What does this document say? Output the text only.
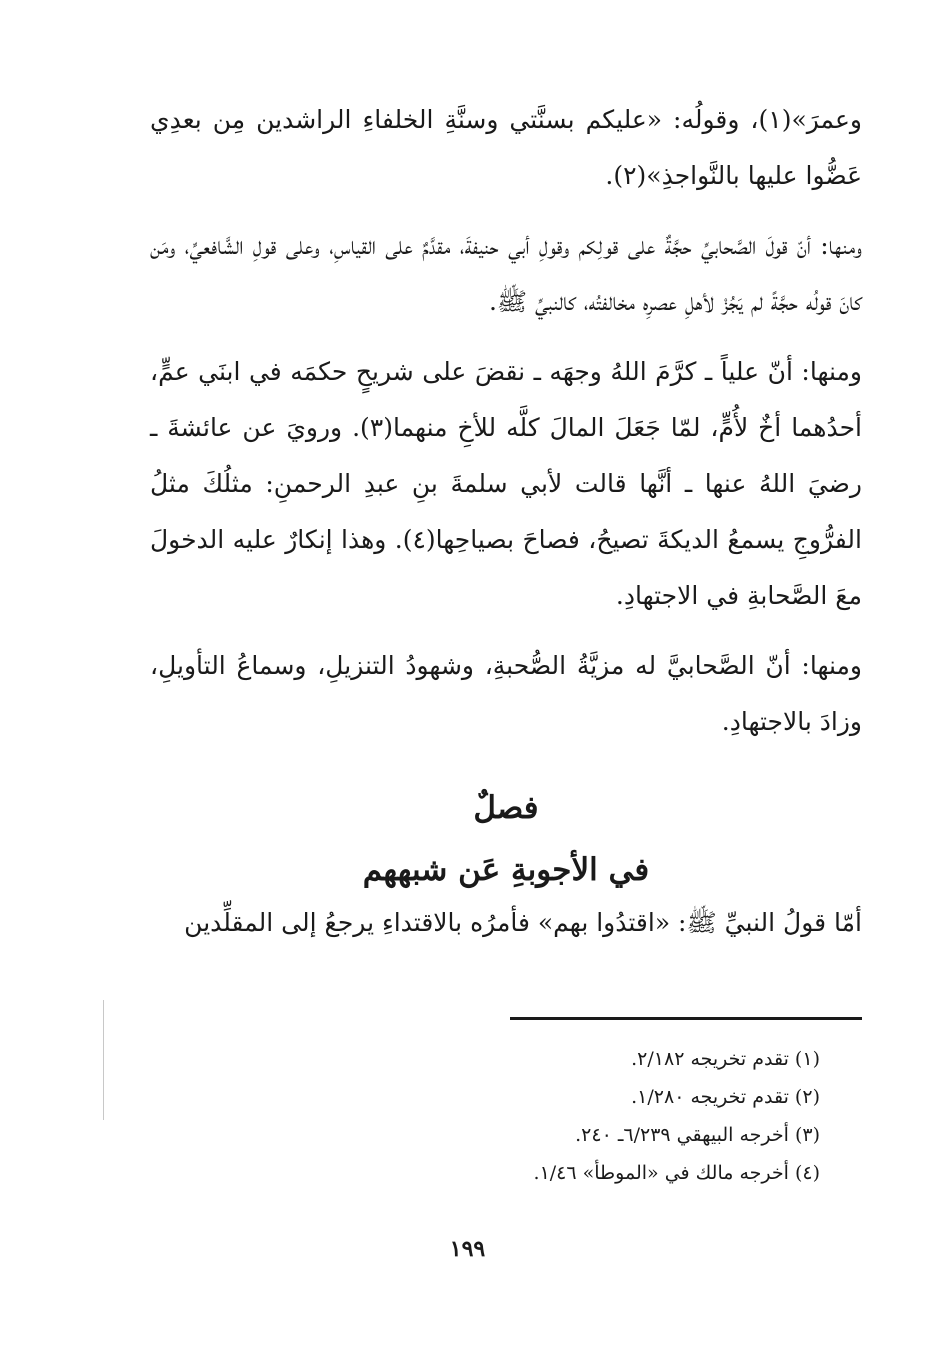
وعمرَ»(١)، وقولُه: «عليكم بسنَّتي وسنَّةِ الخلفاءِ الراشدين مِن بعدِي عَضُّوا عليها بالنَّواجذِ»(٢).

ومنها: أنّ قولَ الصَّحابيِّ حجَّةٌ على قولِكم وقولِ أبي حنيفةَ، مقدَّمٌ على القياسِ، وعلى قولِ الشَّافعيِّ، ومَن كانَ قولُه حجَّةً لم يَجُزْ لأهلِ عصرِه مخالفتُه، كالنبيِّ ﷺ.

ومنها: أنّ علياً ـ كرَّمَ اللهُ وجهَه ـ نقضَ على شريحٍ حكمَه في ابنَي عمٍّ، أحدُهما أخٌ لأُمٍّ، لمّا جَعَلَ المالَ كلَّه للأخِ منهما(٣). ورويَ عن عائشةَ ـ رضيَ اللهُ عنها ـ أنَّها قالت لأبي سلمةَ بنِ عبدِ الرحمنِ: مثلُكَ مثلُ الفرُّوجِ يسمعُ الديكةَ تصيحُ، فصاحَ بصياحِها(٤). وهذا إنكارٌ عليه الدخولَ معَ الصَّحابةِ في الاجتهادِ.

ومنها: أنّ الصَّحابيَّ له مزيَّةُ الصُّحبةِ، وشهودُ التنزيلِ، وسماعُ التأويلِ، وزادَ بالاجتهادِ.

فصلٌ
في الأجوبةِ عَن شبههم

أمّا قولُ النبيِّ ﷺ: «اقتدُوا بهم» فأمرُه بالاقتداءِ يرجعُ إلى المقلِّدين

(١) تقدم تخريجه ٢/١٨٢.

(٢) تقدم تخريجه ١/٢٨٠.

(٣) أخرجه البيهقي ٦/٢٣٩ـ ٢٤٠.

(٤) أخرجه مالك في «الموطأ» ١/٤٦.

١٩٩
